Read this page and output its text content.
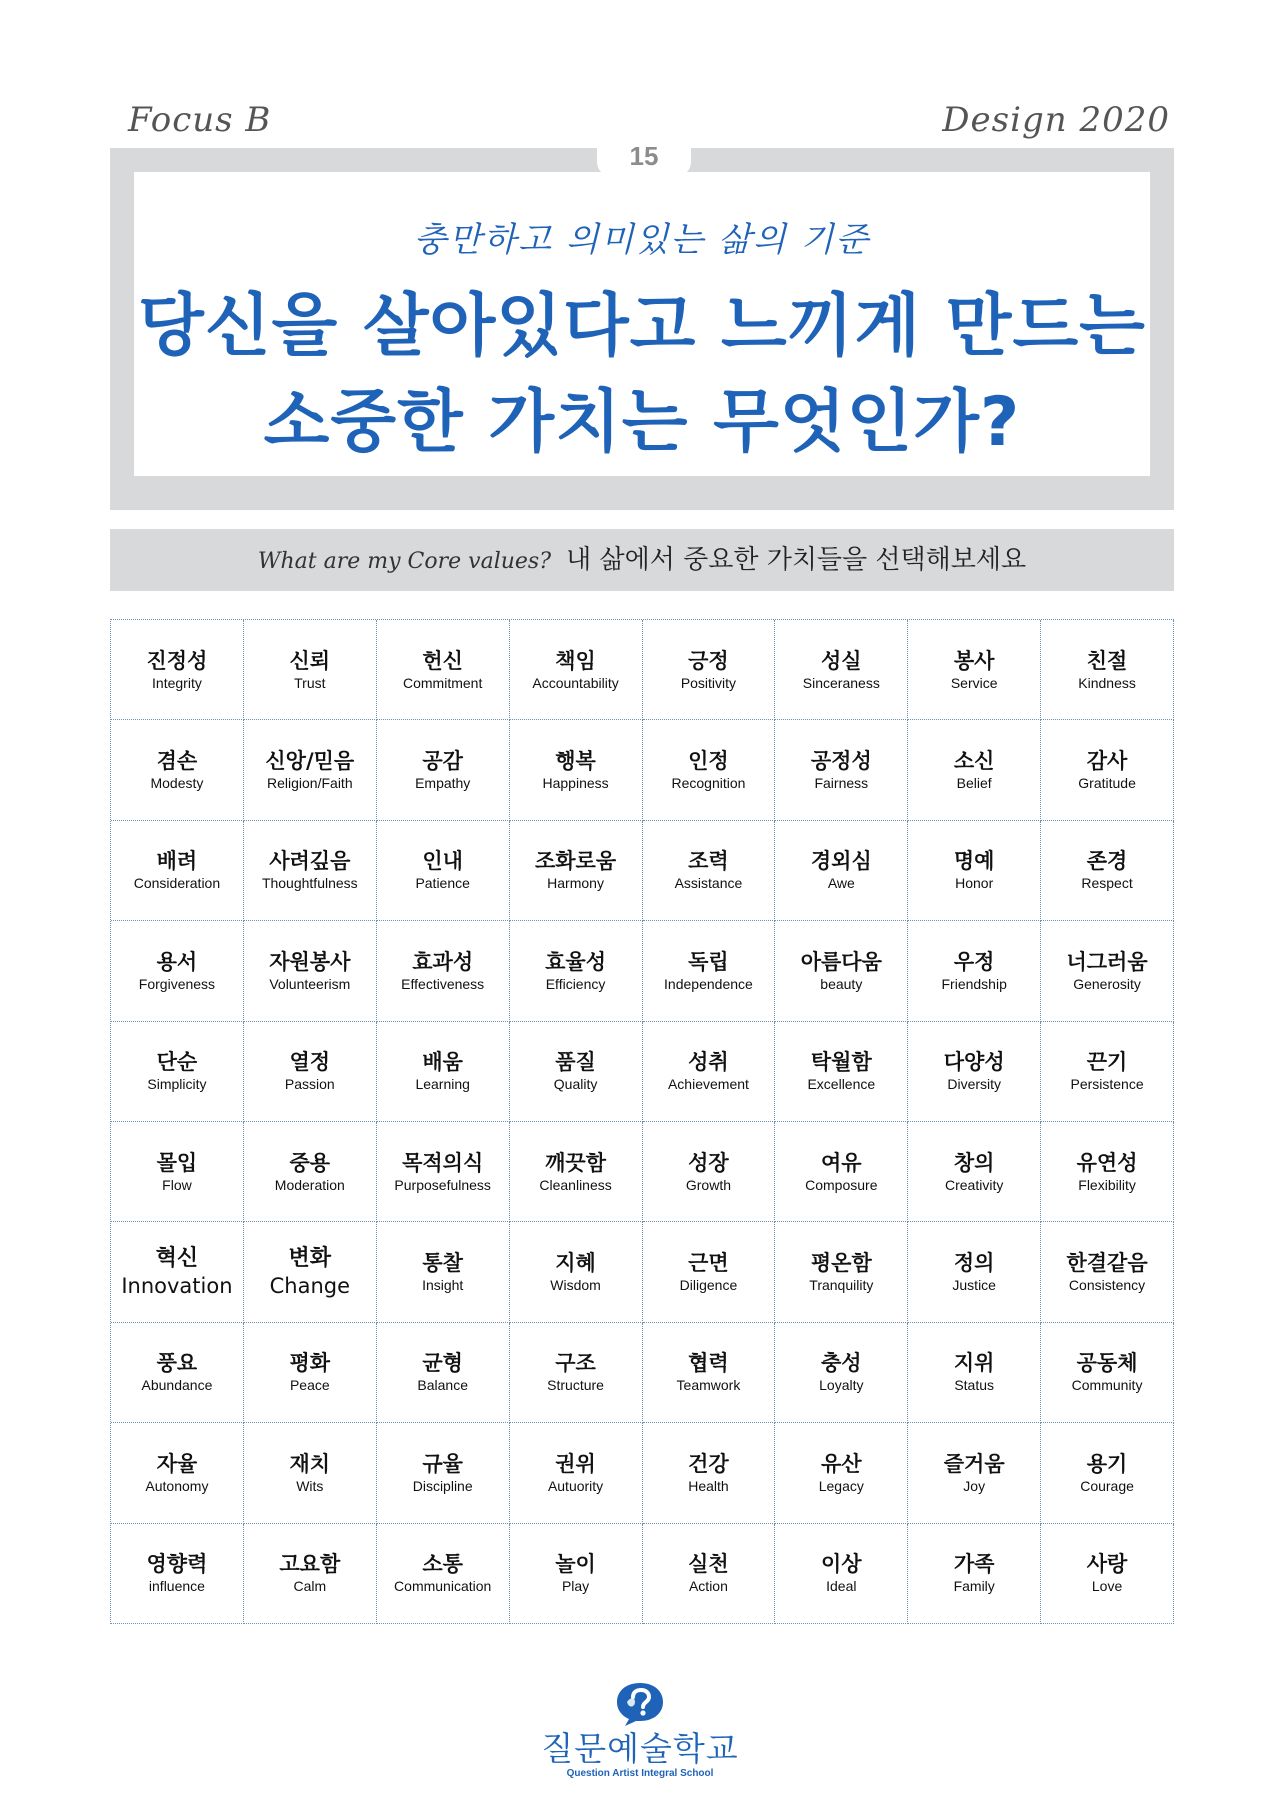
Focus B	Design 2020
15
충만하고 의미있는 삶의 기준
당신을 살아있다고 느끼게 만드는
소중한 가치는 무엇인가?
What are my Core values? 내 삶에서 중요한 가치들을 선택해보세요
진정성
Integrity
신뢰
Trust
헌신
Commitment
책임
Accountability
긍정
Positivity
성실
Sinceraness
봉사
Service
친절
Kindness
겸손
Modesty
신앙/믿음
Religion/Faith
공감
Empathy
행복
Happiness
인정
Recognition
공정성
Fairness
소신
Belief
감사
Gratitude
배려
Consideration
사려깊음
Thoughtfulness
인내
Patience
조화로움
Harmony
조력
Assistance
경외심
Awe
명예
Honor
존경
Respect
용서
Forgiveness
자원봉사
Volunteerism
효과성
Effectiveness
효율성
Efficiency
독립
Independence
아름다움
beauty
우정
Friendship
너그러움
Generosity
단순
Simplicity
열정
Passion
배움
Learning
품질
Quality
성취
Achievement
탁월함
Excellence
다양성
Diversity
끈기
Persistence
몰입
Flow
중용
Moderation
목적의식
Purposefulness
깨끗함
Cleanliness
성장
Growth
여유
Composure
창의
Creativity
유연성
Flexibility
혁신
Innovation
변화
Change
통찰
Insight
지혜
Wisdom
근면
Diligence
평온함
Tranquility
정의
Justice
한결같음
Consistency
풍요
Abundance
평화
Peace
균형
Balance
구조
Structure
협력
Teamwork
충성
Loyalty
지위
Status
공동체
Community
자율
Autonomy
재치
Wits
규율
Discipline
권위
Autuority
건강
Health
유산
Legacy
즐거움
Joy
용기
Courage
영향력
influence
고요함
Calm
소통
Communication
놀이
Play
실천
Action
이상
Ideal
가족
Family
사랑
Love
질문예술학교
Question Artist Integral School
